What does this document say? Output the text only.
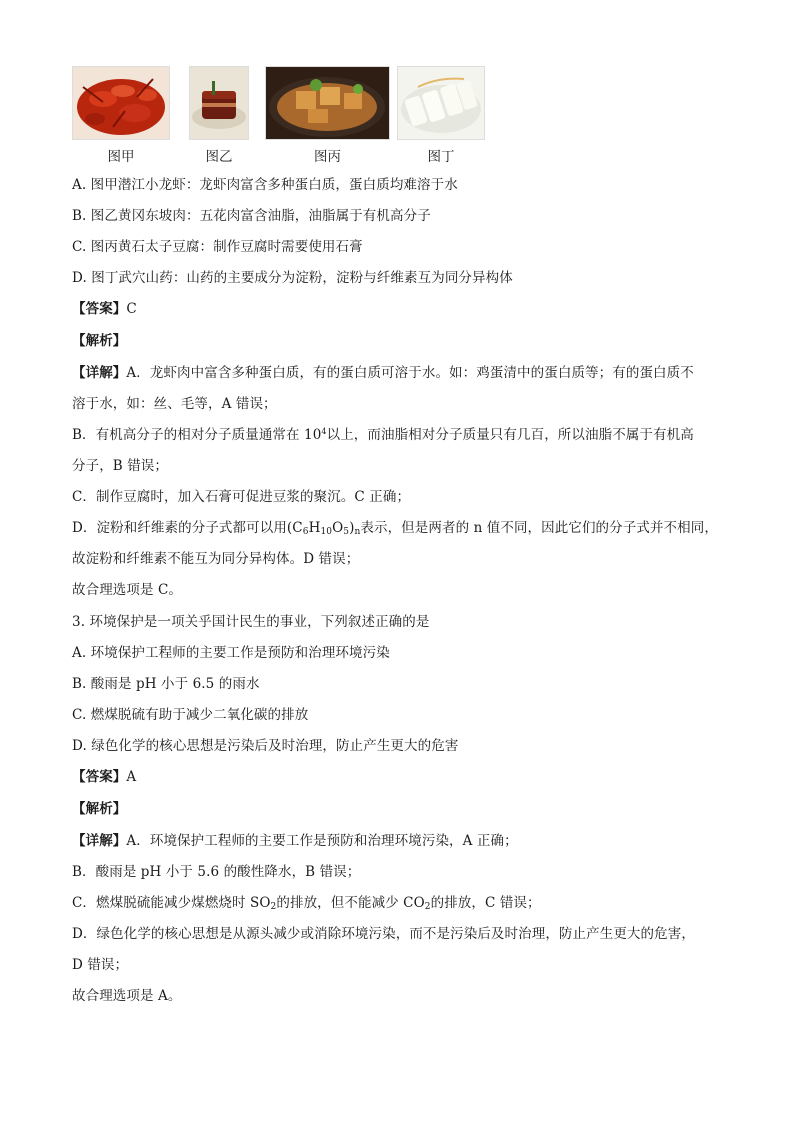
图甲	图乙	图丙	图丁
A. 图甲潜江小龙虾：龙虾肉富含多种蛋白质，蛋白质均难溶于水
B. 图乙黄冈东坡肉：五花肉富含油脂，油脂属于有机高分子
C. 图丙黄石太子豆腐：制作豆腐时需要使用石膏
D. 图丁武穴山药：山药的主要成分为淀粉，淀粉与纤维素互为同分异构体
【答案】C
【解析】
【详解】A．龙虾肉中富含多种蛋白质，有的蛋白质可溶于水。如：鸡蛋清中的蛋白质等；有的蛋白质不
溶于水，如：丝、毛等，A 错误；
B．有机高分子的相对分子质量通常在 $10^4$以上，而油脂相对分子质量只有几百，所以油脂不属于有机高
分子，B 错误；
C．制作豆腐时，加入石膏可促进豆浆的聚沉。C 正确；
D．淀粉和纤维素的分子式都可以用$(C_6H_{10}O_5)_n$表示，但是两者的 n 值不同，因此它们的分子式并不相同，
故淀粉和纤维素不能互为同分异构体。D 错误；
故合理选项是 C。
3. 环境保护是一项关乎国计民生的事业，下列叙述正确的是
A. 环境保护工程师的主要工作是预防和治理环境污染
B. 酸雨是 pH 小于 6.5 的雨水
C. 燃煤脱硫有助于减少二氧化碳的排放
D. 绿色化学的核心思想是污染后及时治理，防止产生更大的危害
【答案】A
【解析】
【详解】A．环境保护工程师的主要工作是预防和治理环境污染，A 正确；
B．酸雨是 pH 小于 5.6 的酸性降水，B 错误；
C．燃煤脱硫能减少煤燃烧时 $SO_2$的排放，但不能减少 $CO_2$的排放，C 错误；
D．绿色化学的核心思想是从源头减少或消除环境污染，而不是污染后及时治理，防止产生更大的危害，
D 错误；
故合理选项是 A。
